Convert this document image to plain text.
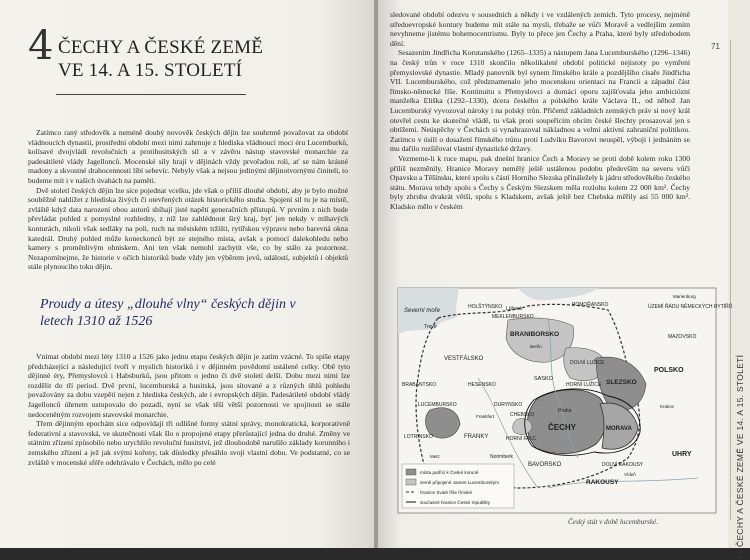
4 ČECHY A ČESKÉ ZEMĚ
VE 14. A 15. STOLETÍ

Zatímco raný středověk a neméně doubý novověk českých dějin lze souhrnně považovat za období vládnoucích dynastií, prostřední období mezi nimi zahrnuje z hlediska vládnoucí moci éru Lucemburků, kolísavé dvojvládí revolučních a protihusitských sil a v závěru nástup stavovské monarchie za padesátileté vlády Jagellonců. Mocenské síly hrají v dějinách vždy prvořadou roli, ať se nám krásné madony a skvostné drahocennosti líbí sebevíc. Nebyly však a nejsou jedinými dějinotvornými činiteli, to budeme mít i v našich úvahách na paměti.

Dvě století českých dějin lze sice pojednat vcelku, jde však o příliš dlouhé období, aby je bylo možné souběžně nahlížet z hlediska živých či otevřených otázek historického studia. Spojení sil tu je na místě, zvláště když data narození obou autorů sbíhají jisté napětí generačních přístupů. V prvním z nich bude převládat pohled z pomyslné rozhledny, z níž lze zahlédnout širý kraj, byť jen nekdy v mlhavých konturách, nikoli však sedláky na poli, ruch na městském tržišti, rytířskou výpravu nebo barevná okna katedrál. Druhý pohled může koneckonců být ze stejného místa, avšak s pomocí dalekohledu nebo kamery s proměnlivým ohniskem. Ani ten však nemohl zachytit vše, co by stálo za pozornost. Nezapomínejme, že historie v očích historiků bude vždy jen výběrem jevů, událostí, subjektů i objektů stále plynoucího toku dějin.

Proudy a útesy „dlouhé vlny“ českých dějin v letech 1310 až 1526

Vnímat období mezi léty 1310 a 1526 jako jednu etapu českých dějin je zatím vzácné. To spíše etapy předcházející a následující tvoří v myslích historiků i v dějinném povědomí ustálené celky. Obě tyto dějinné éry, Přemyslovců i Habsburků, jsou přitom o jedno či dvě století delší. Dobu mezi nimi lze rozdělit do tří period. Dvě první, lucemburská a husitská, jsou sítované a z různých úhlů pohledu považovány za dobu vzepětí nejen z hlediska českých, ale i evropských dějin. Padesátileté období vlády Jagellonců úhrnem ustupovalo do pozadí, nyní se však těší větší pozornosti ve spojitosti se stále nedoceněným rozvojem stavovské monarchie.

Třem dějinným epochám sice odpovídají tři odlišné formy státní správy, monokratická, korporativně federativní a stavovská, ve skutečnosti však šlo o propojené etapy přerůstající jedna do druhé. Změny ve státním zřízení způsobilo nebo urychlilo revoluční husitství, jež dlouhodobě narušilo základy korunního i zemského zřízení a jež jak svými kořeny, tak důsledky přesáhlo svoji vlastní dobu. Ve podstatné, co se zvláště v mocenské sféře odehrávalo v Čechách, mělo po celé

sledované období odezvu v sousedních a někdy i ve vzdálených zemích. Tyto procesy, nejméně středoevropské kontury budeme mít stále na mysli, třebaže se vůči Moravě a vedlejším zemím nevyhneme jistému bohemocentrismu. Byly to přece jen Čechy a Praha, které byly středobodem dění.

Sesazením Jindřicha Korutanského (1265–1335) a nástupem Jana Lucemburského (1296–1346) na český trůn v roce 1310 skončilo několikaleté období politické nejistoty po vymření přemyslovské dynastie. Mladý panovník byl synem římského krále a pozdějšího císaře Jindřicha VII. Lucemburského, což předznamenalo jeho mocenskou orientaci na Francii a západní část římsko-německé říše. Kontinuitu s Přemyslovci a domácí oporu zajišťovala jeho ambiciózní manželka Eliška (1292–1330), dcera českého a polského krále Václava II., od něhož Jan Lucemburský vyvozoval nároky i na polský trůn. Přičemž základních zemských práv si nový král otevřel cestu ke skutečné vládě, tu však proti soupeřícím obcím české šlechty prosazoval jen s obtížemi. Neúspěchy v Čechách si vynahrazoval nákladnou a velmi aktivní zahraniční politikou. Zatímco v úsilí o dosažení římského trůnu proti Ludvíku Bavorovi neuspěl, výboji i jednáním se mu dařilo rozšiřovat vlastní dynastické državy.

Vezmeme-li k ruce mapu, pak dnešní hranice Čech a Moravy se proti době kolem roku 1300 příliš nezměnily. Hranice Moravy nemělý ještě ustálenou podobu především na severu vůči Opavsku a Těšínsku, které spolu s částí Horního Slezska přináležely k jádru středověkého českého státu. Morava tehdy spolu s Čechy s Českým Slezskem měla rozlohu kolem 22 000 km². Čechy byly zhruba dvakrát větší, spolu s Kladskem, avšak ještě bez Chebska měřily asi 55 000 km². Kladsko mělo v českém

71
4 / ČECHY A ČESKÉ ZEMĚ VE 14. A 15. STOLETÍ
Severní moře
HOLŠTÝNSKO Lübeck
MEKLENBURSKO
POMOŘANSKO	ÚZEMÍ ŘÁDU NĚMECKÝCH RYTÍŘŮ
Marienburg
MAZOVSKO
BRANIBORSKO
Berlín
Trevír
VESTFÁLSKO
BRABANTSKO	HESENSKO
SASKO
DOLNÍ LUŽICE
HORNÍ LUŽICE SLEZSKO
POLSKO
Krakov
Praha
ČECHY	MORAVA
LUCEMBURSKO	DURYNSKO
Frankfurt	CHEBSKO
HORNÍ FALC
LOTRINSKO	FRANKY
Norimberk
Metz
BAVORSKO	DOLNÍ RAKOUSY
RAKOUSY
Vídeň
UHRY
místa patřící k České koruně
země připojené Janem Lucemburským
hranice Svaté říše římské
současné hranice České republiky
Český stát v době lucemburské.
